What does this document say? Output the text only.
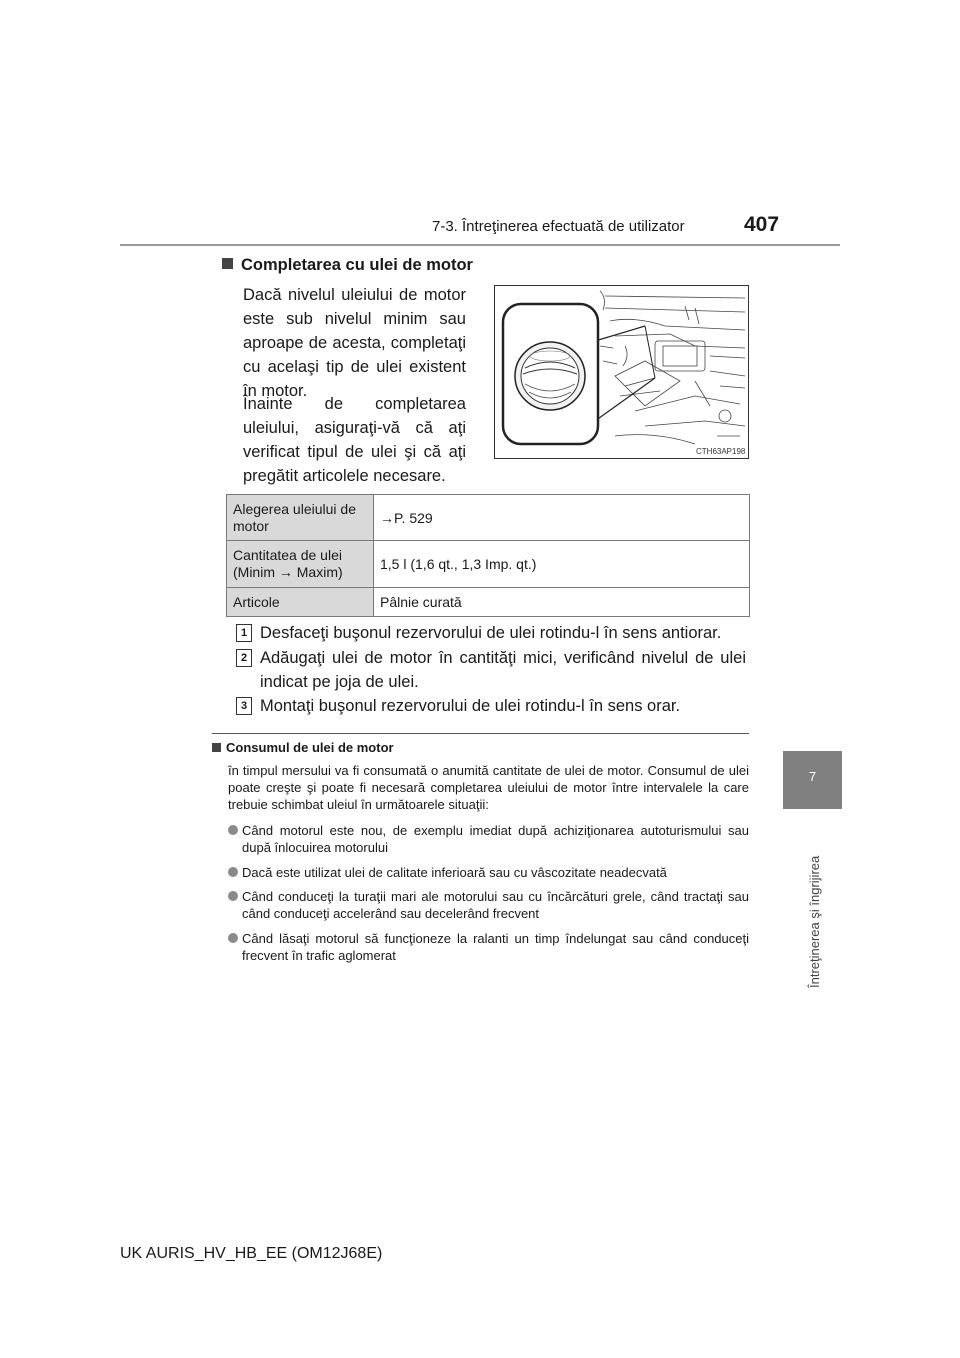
7-3. Întreţinerea efectuată de utilizator	407
7
Întreţinerea şi îngrijirea
Completarea cu ulei de motor
Dacă nivelul uleiului de motor este sub nivelul minim sau aproape de acesta, completaţi cu acelaşi tip de ulei existent în motor.
Înainte de completarea uleiului, asiguraţi-vă că aţi verificat tipul de ulei şi că aţi pregătit articolele necesare.
CTH63AP198
Alegerea uleiului de motor	→P. 529
Cantitatea de ulei (Minim → Maxim)	1,5 l (1,6 qt., 1,3 Imp. qt.)
Articole	Pâlnie curată
1 Desfaceţi buşonul rezervorului de ulei rotindu-l în sens antiorar.
2 Adăugaţi ulei de motor în cantităţi mici, verificând nivelul de ulei indicat pe joja de ulei.
3 Montaţi buşonul rezervorului de ulei rotindu-l în sens orar.
Consumul de ulei de motor
în timpul mersului va fi consumată o anumită cantitate de ulei de motor. Consumul de ulei poate creşte şi poate fi necesară completarea uleiului de motor între intervalele la care trebuie schimbat uleiul în următoarele situaţii:
Când motorul este nou, de exemplu imediat după achiziţionarea autoturismului sau după înlocuirea motorului
Dacă este utilizat ulei de calitate inferioară sau cu vâscozitate neadecvată
Când conduceţi la turaţii mari ale motorului sau cu încărcături grele, când tractaţi sau când conduceţi accelerând sau decelerând frecvent
Când lăsaţi motorul să funcţioneze la ralanti un timp îndelungat sau când conduceţi frecvent în trafic aglomerat
UK AURIS_HV_HB_EE (OM12J68E)
